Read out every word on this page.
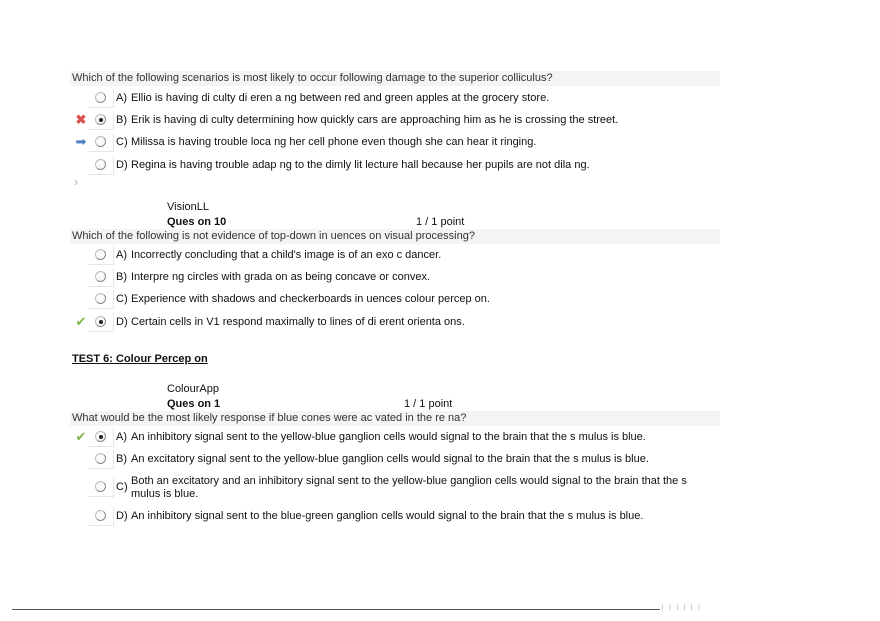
Which of the following scenarios is most likely to occur following damage to the superior colliculus?
A) Ellio is having di culty di eren a ng between red and green apples at the grocery store.
✖	B) Erik is having di culty determining how quickly cars are approaching him as he is crossing the street.
➡	C) Milissa is having trouble loca ng her cell phone even though she can hear it ringing.
D) Regina is having trouble adap ng to the dimly lit lecture hall because her pupils are not dila ng.
›
VisionLL
Ques on 10	1 / 1 point
Which of the following is not evidence of top-down in uences on visual processing?
A) Incorrectly concluding that a child's image is of an exo c dancer.
B) Interpre ng circles with grada on as being concave or convex.
C) Experience with shadows and checkerboards in uences colour percep on.
✔	D) Certain cells in V1 respond maximally to lines of di erent orienta ons.
TEST 6: Colour Percep on
ColourApp
Ques on 1	1 / 1 point
What would be the most likely response if blue cones were ac vated in the re na?
✔	A) An inhibitory signal sent to the yellow-blue ganglion cells would signal to the brain that the s mulus is blue.
B) An excitatory signal sent to the yellow-blue ganglion cells would signal to the brain that the s mulus is blue.
C) Both an excitatory and an inhibitory signal sent to the yellow-blue ganglion cells would signal to the brain that the s mulus is blue.
D) An inhibitory signal sent to the blue-green ganglion cells would signal to the brain that the s mulus is blue.
| | | | | |
